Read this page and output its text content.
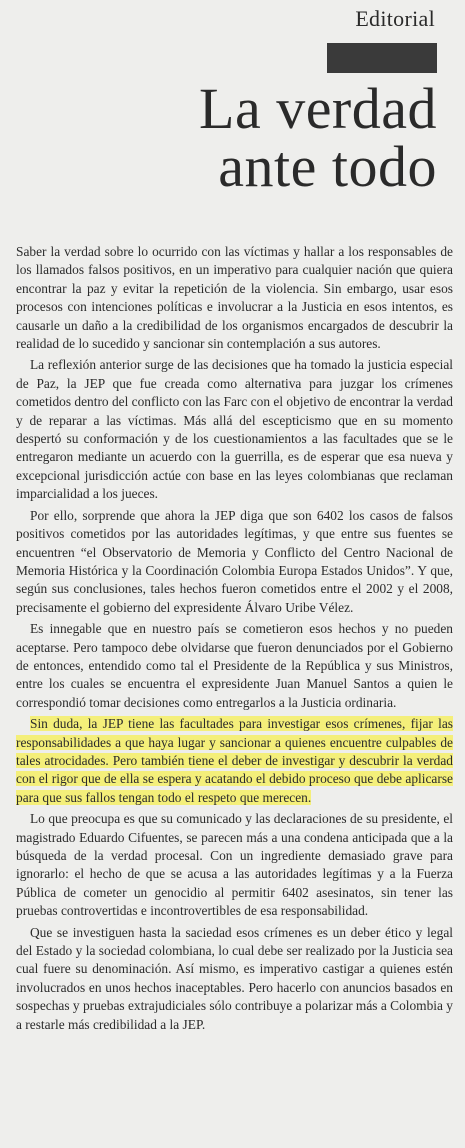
Editorial
La verdad
ante todo

Saber la verdad sobre lo ocurrido con las víctimas y hallar a los responsables de los llamados falsos positivos, en un imperativo para cualquier nación que quiera encontrar la paz y evitar la repetición de la violencia. Sin embargo, usar esos procesos con intenciones políticas e involucrar a la Justicia en esos intentos, es causarle un daño a la credibilidad de los organismos encargados de descubrir la realidad de lo sucedido y sancionar sin contemplación a sus autores.

La reflexión anterior surge de las decisiones que ha tomado la justicia especial de Paz, la JEP que fue creada como alternativa para juzgar los crímenes cometidos dentro del conflicto con las Farc con el objetivo de encontrar la verdad y de reparar a las víctimas. Más allá del escepticismo que en su momento despertó su conformación y de los cuestionamientos a las facultades que se le entregaron mediante un acuerdo con la guerrilla, es de esperar que esa nueva y excepcional jurisdicción actúe con base en las leyes colombianas que reclaman imparcialidad a los jueces.

Por ello, sorprende que ahora la JEP diga que son 6402 los casos de falsos positivos cometidos por las autoridades legítimas, y que entre sus fuentes se encuentren “el Observatorio de Memoria y Conflicto del Centro Nacional de Memoria Histórica y la Coordinación Colombia Europa Estados Unidos”. Y que, según sus conclusiones, tales hechos fueron cometidos entre el 2002 y el 2008, precisamente el gobierno del expresidente Álvaro Uribe Vélez.

Es innegable que en nuestro país se cometieron esos hechos y no pueden aceptarse. Pero tampoco debe olvidarse que fueron denunciados por el Gobierno de entonces, entendido como tal el Presidente de la República y sus Ministros, entre los cuales se encuentra el expresidente Juan Manuel Santos a quien le correspondió tomar decisiones como entregarlos a la Justicia ordinaria.

Sin duda, la JEP tiene las facultades para investigar esos crímenes, fijar las responsabilidades a que haya lugar y sancionar a quienes encuentre culpables de tales atrocidades. Pero también tiene el deber de investigar y descubrir la verdad con el rigor que de ella se espera y acatando el debido proceso que debe aplicarse para que sus fallos tengan todo el respeto que merecen.

Lo que preocupa es que su comunicado y las declaraciones de su presidente, el magistrado Eduardo Cifuentes, se parecen más a una condena anticipada que a la búsqueda de la verdad procesal. Con un ingrediente demasiado grave para ignorarlo: el hecho de que se acusa a las autoridades legítimas y a la Fuerza Pública de cometer un genocidio al permitir 6402 asesinatos, sin tener las pruebas controvertidas e incontrovertibles de esa responsabilidad.

Que se investiguen hasta la saciedad esos crímenes es un deber ético y legal del Estado y la sociedad colombiana, lo cual debe ser realizado por la Justicia sea cual fuere su denominación. Así mismo, es imperativo castigar a quienes estén involucrados en unos hechos inaceptables. Pero hacerlo con anuncios basados en sospechas y pruebas extrajudiciales sólo contribuye a polarizar más a Colombia y a restarle más credibilidad a la JEP.
